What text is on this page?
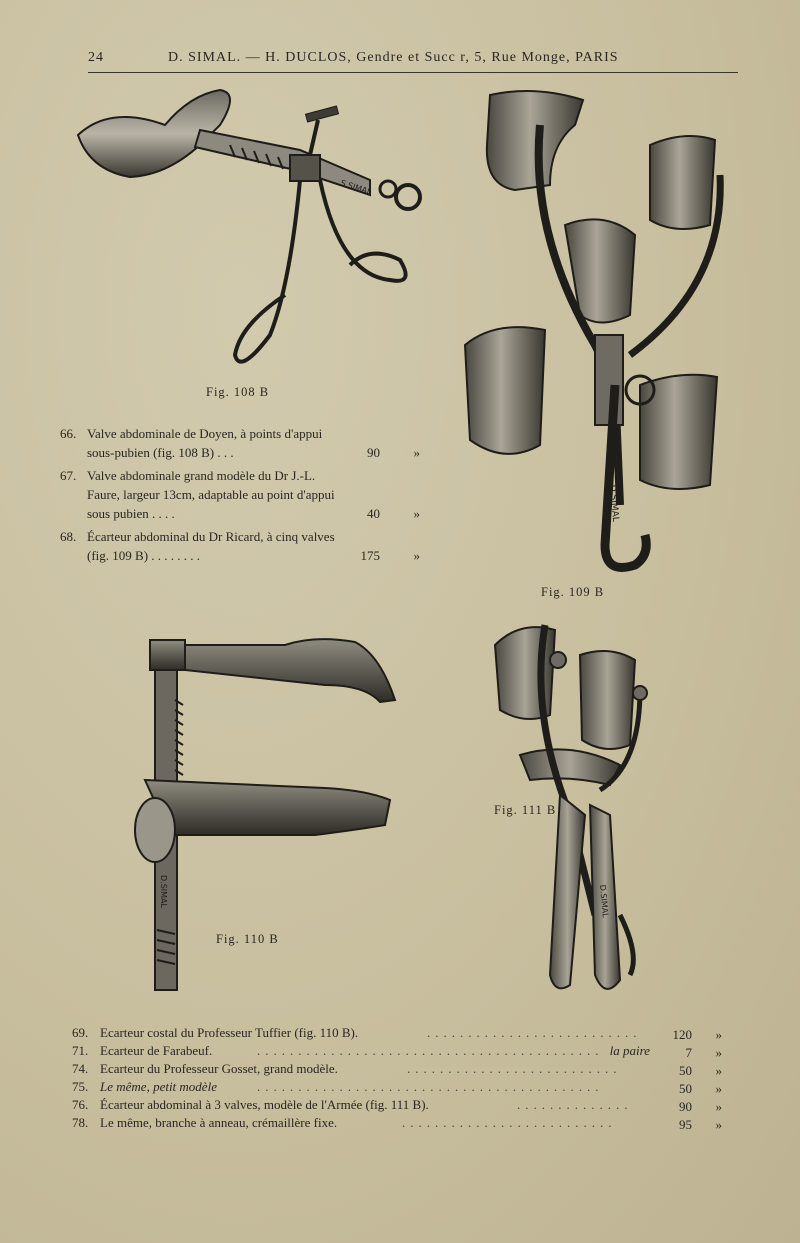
24	D. SIMAL. — H. DUCLOS, Gendre et Succ r, 5, Rue Monge, PARIS
S.SIMAL
Fig. 108 B
D.SIMAL
Fig. 109 B
66. Valve abdominale de Doyen, à points d'appui sous-pubien (fig. 108 B) . . .	90	»
67. Valve abdominale grand modèle du Dr J.-L. Faure, largeur 13cm, adaptable au point d'appui sous pubien . . . .	40	»
68. Écarteur abdominal du Dr Ricard, à cinq valves (fig. 109 B) . . . . . . . .	175	»
D.SIMAL
Fig. 110 B
D.SIMAL
Fig. 111 B
69. Ecarteur costal du Professeur Tuffier (fig. 110 B).	.......................... 120 »
71. Ecarteur de Farabeuf.	.......................................... la paire	7 »
74. Ecarteur du Professeur Gosset, grand modèle.	..........................	50 »
75. Le même, petit modèle	..........................................	50 »
76. Écarteur abdominal à 3 valves, modèle de l'Armée (fig. 111 B).	..............	90 »
78. Le même, branche à anneau, crémaillère fixe.	..........................	95 »
